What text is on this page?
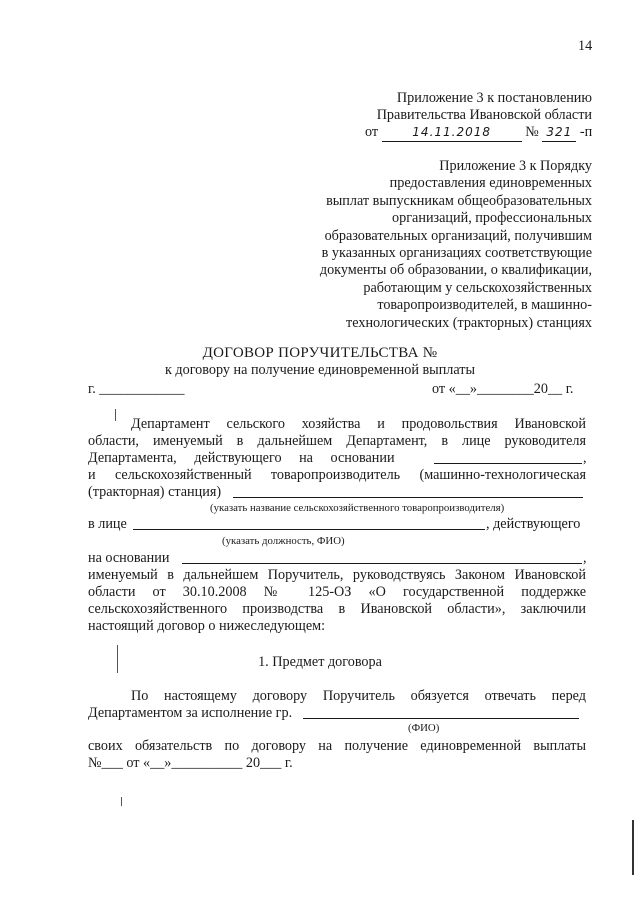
14
Приложение 3 к постановлению
Правительства Ивановской области
от	14.11.2018 № 321 -п
Приложение 3 к Порядку
предоставления единовременных
выплат выпускникам общеобразовательных
организаций, профессиональных
образовательных организаций, получившим
в указанных организациях соответствующие
документы об образовании, о квалификации,
работающим у сельскохозяйственных
товаропроизводителей, в машинно-
технологических (тракторных) станциях
ДОГОВОР ПОРУЧИТЕЛЬСТВА №
к договору на получение единовременной выплаты
г. ____________	от «__»________20__ г.
Департамент сельского хозяйства и продовольствия Ивановской
области, именуемый в дальнейшем Департамент, в лице руководителя
Департамента, действующего на основании	,
и сельскохозяйственный товаропроизводитель (машинно-технологическая
(тракторная) станция)
(указать название сельскохозяйственного товаропроизводителя)
в лице	, действующего
(указать должность, ФИО)
на основании	,
именуемый в дальнейшем Поручитель, руководствуясь Законом Ивановской
области от 30.10.2008 № 125-ОЗ «О государственной поддержке
сельскохозяйственного производства в Ивановской области», заключили
настоящий договор о нижеследующем:
1. Предмет договора
По настоящему договору Поручитель обязуется отвечать перед
Департаментом за исполнение гр.
(ФИО)
своих обязательств по договору на получение единовременной выплаты
№___ от «__»__________ 20___ г.
